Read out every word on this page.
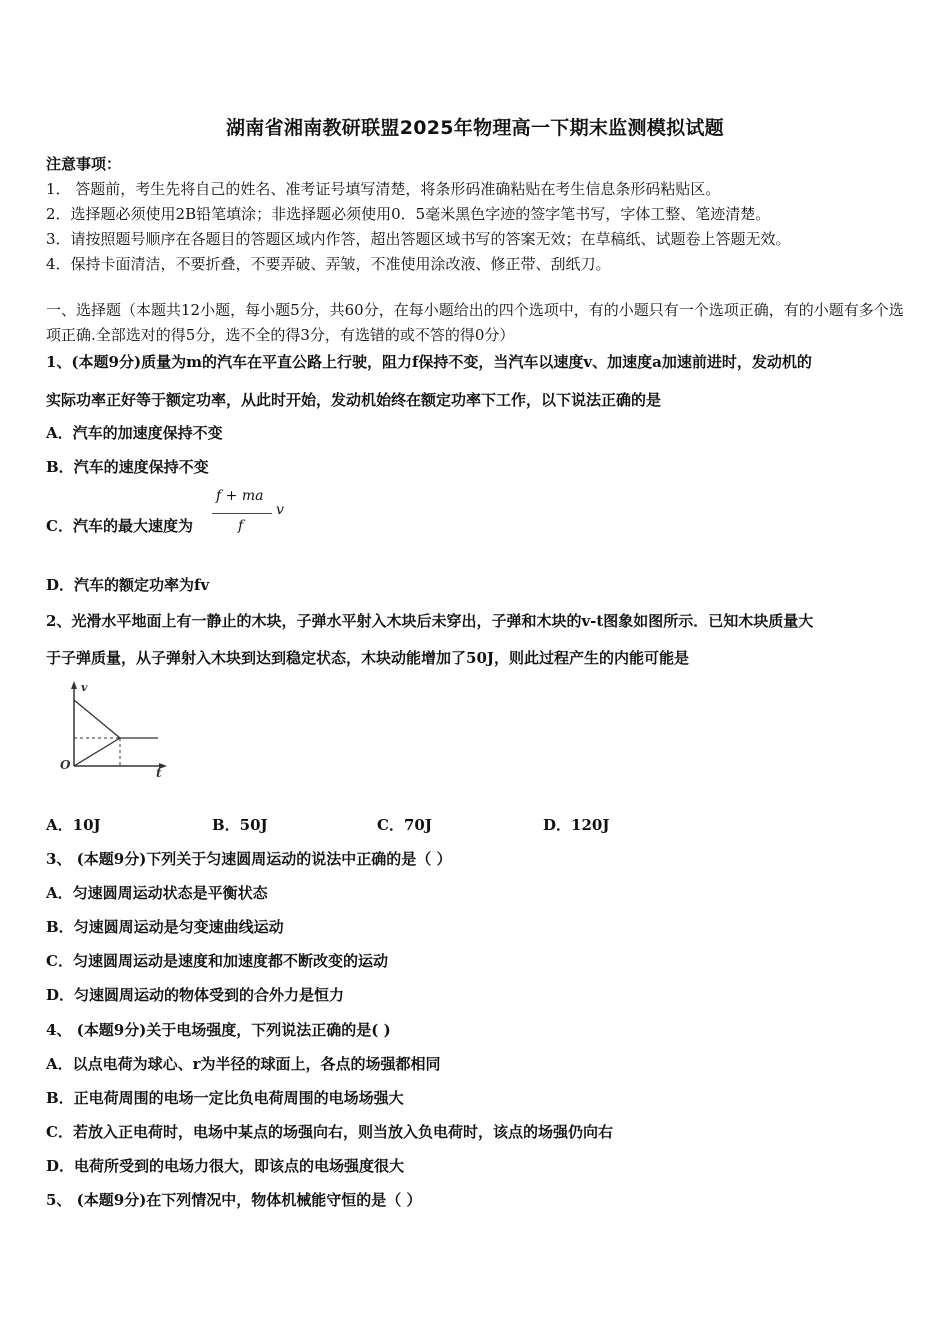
湖南省湘南教研联盟2025年物理高一下期末监测模拟试题
注意事项：
1． 答题前，考生先将自己的姓名、准考证号填写清楚，将条形码准确粘贴在考生信息条形码粘贴区。
2．选择题必须使用2B铅笔填涂；非选择题必须使用0．5毫米黑色字迹的签字笔书写，字体工整、笔迹清楚。
3．请按照题号顺序在各题目的答题区域内作答，超出答题区域书写的答案无效；在草稿纸、试题卷上答题无效。
4．保持卡面清洁，不要折叠，不要弄破、弄皱，不准使用涂改液、修正带、刮纸刀。
一、选择题（本题共12小题，每小题5分，共60分，在每小题给出的四个选项中，有的小题只有一个选项正确，有的小题有多个选项正确.全部选对的得5分，选不全的得3分，有选错的或不答的得0分）
1、(本题9分)质量为m的汽车在平直公路上行驶，阻力f保持不变，当汽车以速度v、加速度a加速前进时，发动机的
实际功率正好等于额定功率，从此时开始，发动机始终在额定功率下工作，以下说法正确的是
A．汽车的加速度保持不变
B．汽车的速度保持不变
C．汽车的最大速度为
f + ma
f
v
D．汽车的额定功率为fv
2、光滑水平地面上有一静止的木块，子弹水平射入木块后未穿出，子弹和木块的v-t图象如图所示．已知木块质量大
于子弹质量，从子弹射入木块到达到稳定状态，木块动能增加了50J，则此过程产生的内能可能是
v
t
O
A．10J	B．50J	C．70J	D．120J
3、 (本题9分)下列关于匀速圆周运动的说法中正确的是（ ）
A．匀速圆周运动状态是平衡状态
B．匀速圆周运动是匀变速曲线运动
C．匀速圆周运动是速度和加速度都不断改变的运动
D．匀速圆周运动的物体受到的合外力是恒力
4、 (本题9分)关于电场强度，下列说法正确的是( )
A．以点电荷为球心、r为半径的球面上，各点的场强都相同
B．正电荷周围的电场一定比负电荷周围的电场场强大
C．若放入正电荷时，电场中某点的场强向右，则当放入负电荷时，该点的场强仍向右
D．电荷所受到的电场力很大，即该点的电场强度很大
5、 (本题9分)在下列情况中，物体机械能守恒的是（ ）
